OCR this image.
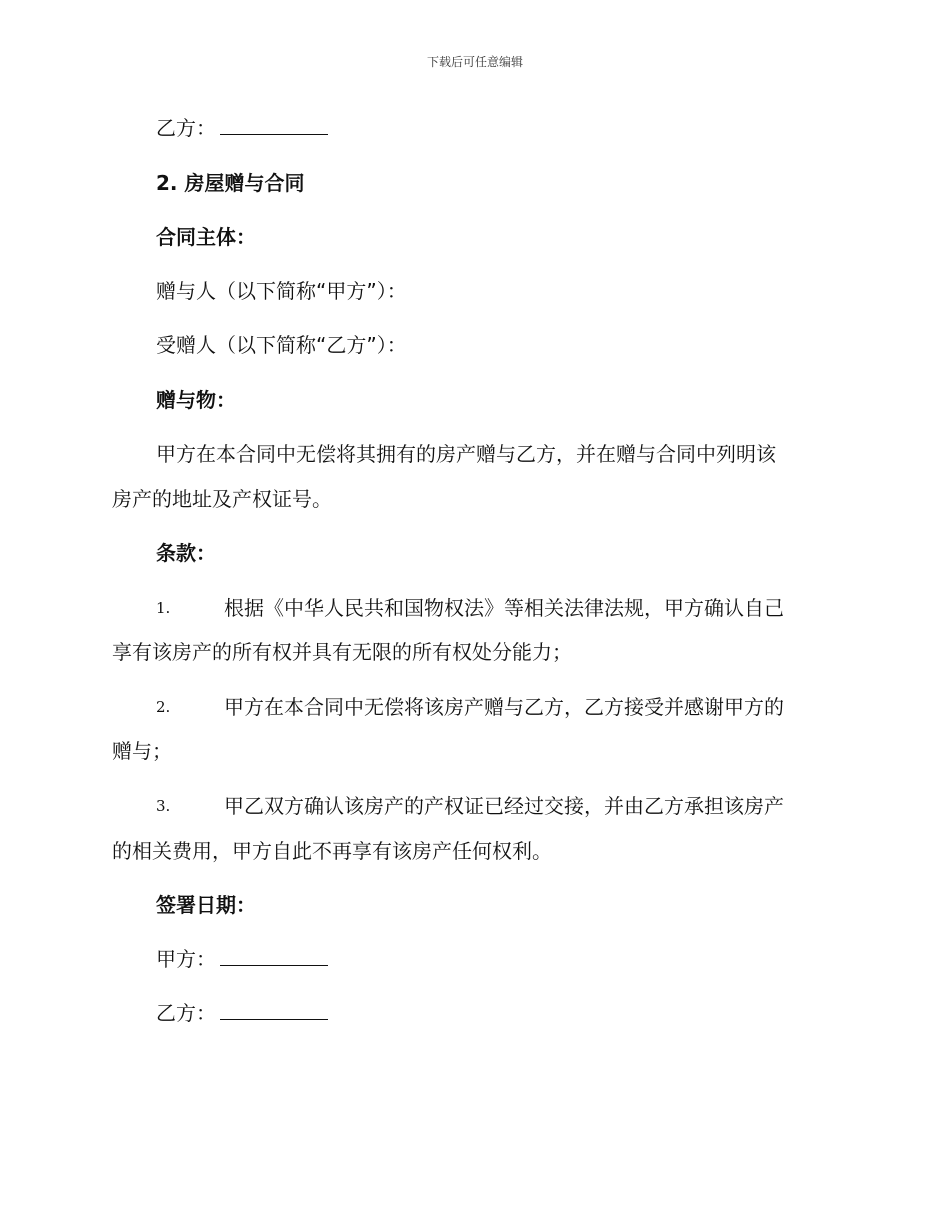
下载后可任意编辑
乙方：
2. 房屋赠与合同
合同主体：
赠与人（以下简称“甲方”）：
受赠人（以下简称“乙方”）：
赠与物：
甲方在本合同中无偿将其拥有的房产赠与乙方，并在赠与合同中列明该
房产的地址及产权证号。
条款：
1.	根据《中华人民共和国物权法》等相关法律法规，甲方确认自己
享有该房产的所有权并具有无限的所有权处分能力；
2.	甲方在本合同中无偿将该房产赠与乙方，乙方接受并感谢甲方的
赠与；
3.	甲乙双方确认该房产的产权证已经过交接，并由乙方承担该房产
的相关费用，甲方自此不再享有该房产任何权利。
签署日期：
甲方：
乙方：
